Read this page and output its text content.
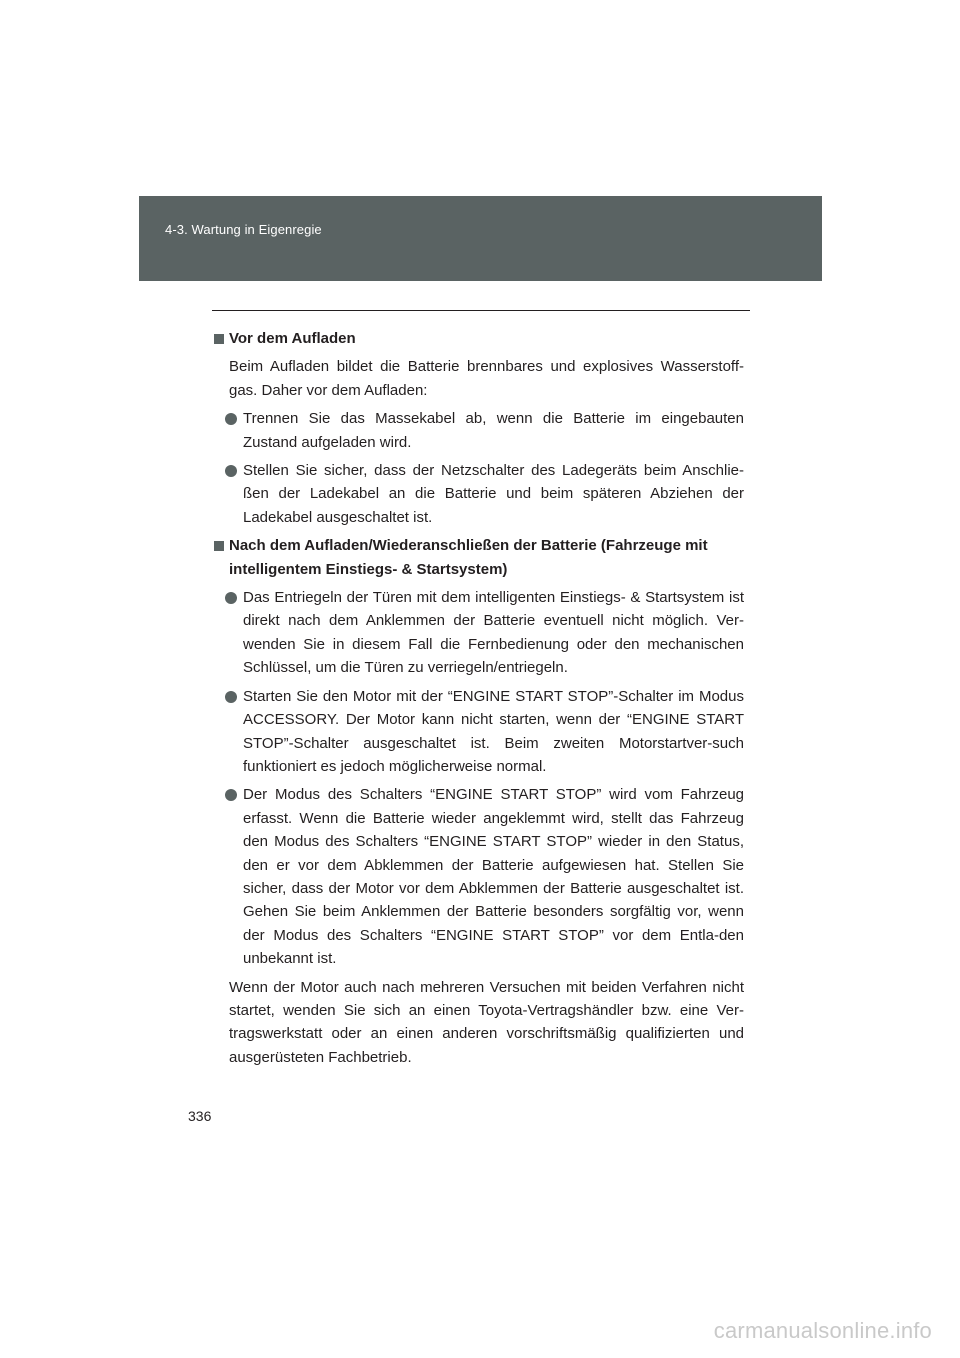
4-3. Wartung in Eigenregie
Vor dem Aufladen
Beim Aufladen bildet die Batterie brennbares und explosives Wasserstoff-gas. Daher vor dem Aufladen:
Trennen Sie das Massekabel ab, wenn die Batterie im eingebauten Zustand aufgeladen wird.
Stellen Sie sicher, dass der Netzschalter des Ladegeräts beim Anschlie-ßen der Ladekabel an die Batterie und beim späteren Abziehen der Ladekabel ausgeschaltet ist.
Nach dem Aufladen/Wiederanschließen der Batterie (Fahrzeuge mit intelligentem Einstiegs- & Startsystem)
Das Entriegeln der Türen mit dem intelligenten Einstiegs- & Startsystem ist direkt nach dem Anklemmen der Batterie eventuell nicht möglich. Ver-wenden Sie in diesem Fall die Fernbedienung oder den mechanischen Schlüssel, um die Türen zu verriegeln/entriegeln.
Starten Sie den Motor mit der “ENGINE START STOP”-Schalter im Modus ACCESSORY. Der Motor kann nicht starten, wenn der “ENGINE START STOP”-Schalter ausgeschaltet ist. Beim zweiten Motorstartver-such funktioniert es jedoch möglicherweise normal.
Der Modus des Schalters “ENGINE START STOP” wird vom Fahrzeug erfasst. Wenn die Batterie wieder angeklemmt wird, stellt das Fahrzeug den Modus des Schalters “ENGINE START STOP” wieder in den Status, den er vor dem Abklemmen der Batterie aufgewiesen hat. Stellen Sie sicher, dass der Motor vor dem Abklemmen der Batterie ausgeschaltet ist. Gehen Sie beim Anklemmen der Batterie besonders sorgfältig vor, wenn der Modus des Schalters “ENGINE START STOP” vor dem Entla-den unbekannt ist.
Wenn der Motor auch nach mehreren Versuchen mit beiden Verfahren nicht startet, wenden Sie sich an einen Toyota-Vertragshändler bzw. eine Ver-tragswerkstatt oder an einen anderen vorschriftsmäßig qualifizierten und ausgerüsteten Fachbetrieb.
336
carmanualsonline.info
